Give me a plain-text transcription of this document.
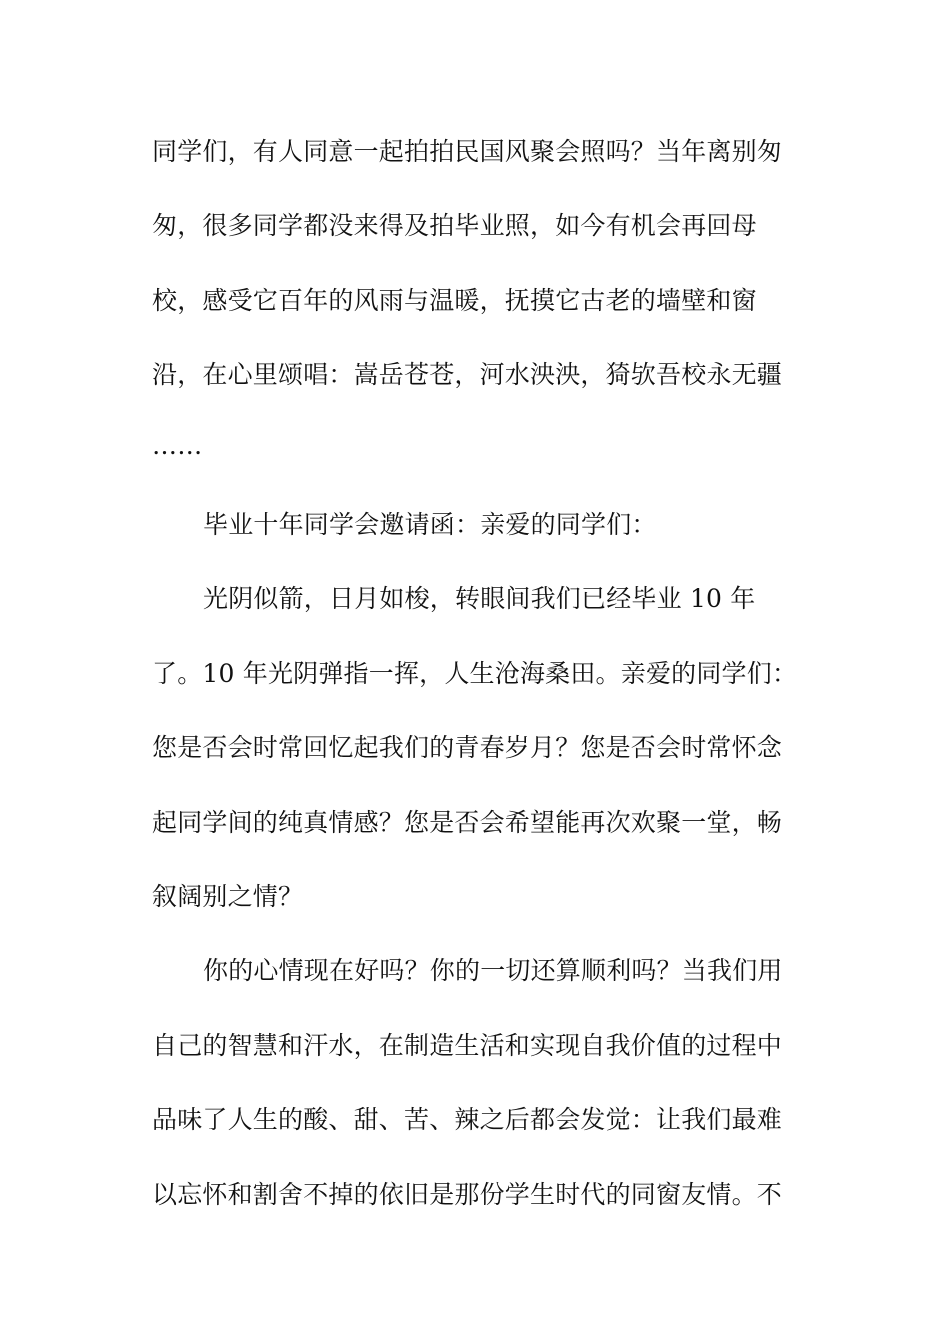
同学们，有人同意一起拍拍民国风聚会照吗？当年离别匆
匆，很多同学都没来得及拍毕业照，如今有机会再回母
校，感受它百年的风雨与温暖，抚摸它古老的墙壁和窗
沿，在心里颂唱：嵩岳苍苍，河水泱泱，猗欤吾校永无疆
……
毕业十年同学会邀请函：亲爱的同学们：
光阴似箭，日月如梭，转眼间我们已经毕业 10 年
了。10 年光阴弹指一挥，人生沧海桑田。亲爱的同学们：
您是否会时常回忆起我们的青春岁月？您是否会时常怀念
起同学间的纯真情感？您是否会希望能再次欢聚一堂，畅
叙阔别之情？
你的心情现在好吗？你的一切还算顺利吗？当我们用
自己的智慧和汗水，在制造生活和实现自我价值的过程中
品味了人生的酸、甜、苦、辣之后都会发觉：让我们最难
以忘怀和割舍不掉的依旧是那份学生时代的同窗友情。不
